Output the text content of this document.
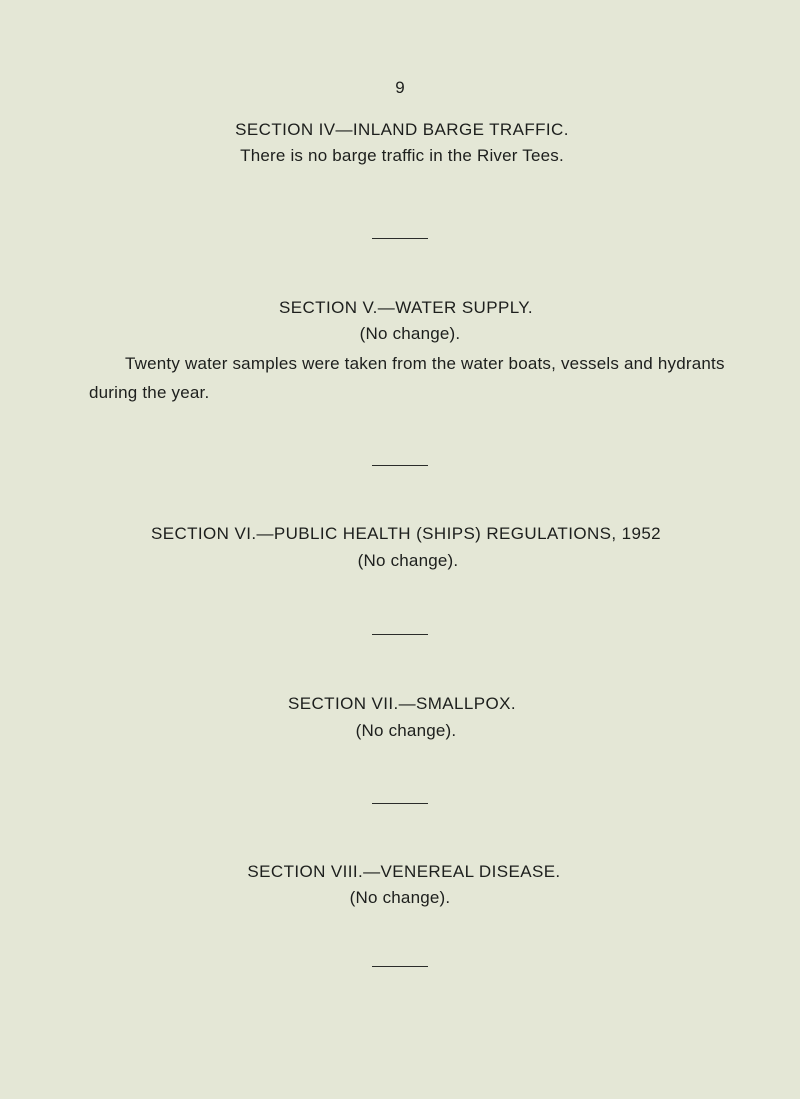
9
SECTION IV—INLAND BARGE TRAFFIC.
There is no barge traffic in the River Tees.
SECTION V.—WATER SUPPLY.
(No change).
Twenty water samples were taken from the water boats, vessels and hydrants
during the year.
SECTION VI.—PUBLIC HEALTH (SHIPS) REGULATIONS, 1952
(No change).
SECTION VII.—SMALLPOX.
(No change).
SECTION VIII.—VENEREAL DISEASE.
(No change).
